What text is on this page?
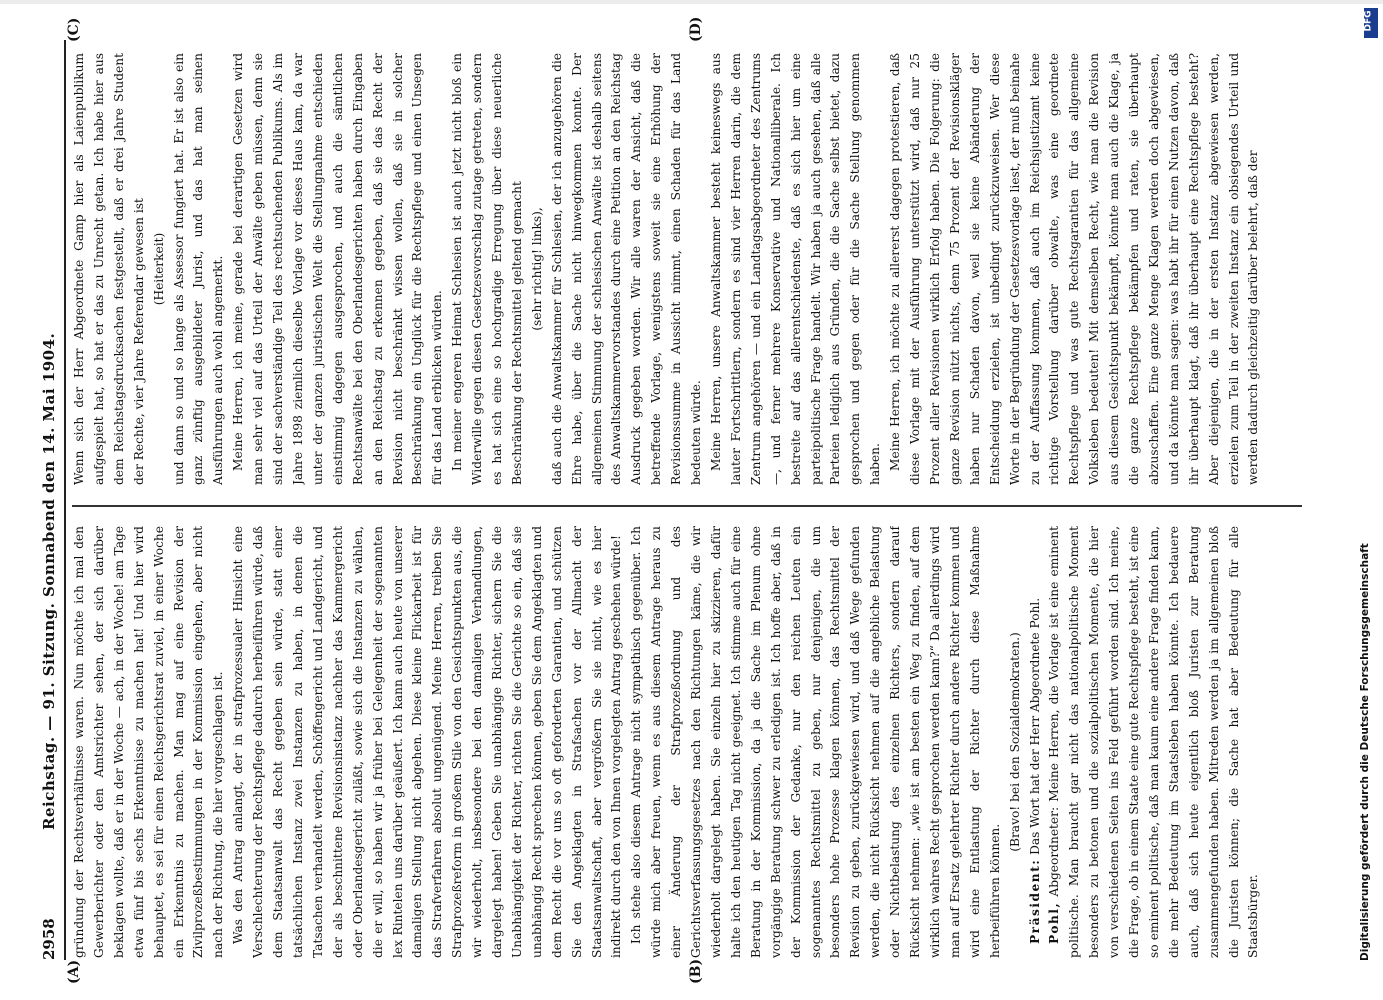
2958
Reichstag. — 91. Sitzung. Sonnabend den 14. Mai 1904.
(A)	(B)
(C)	(D)

gründung der Rechtsverhältnisse waren. Nun möchte ich mal den Gewerberichter oder den Amtsrichter sehen, der sich darüber beklagen wollte, daß er in der Woche — ach, in der Woche! am Tage etwa fünf bis sechs Erkenntnisse zu machen hat! Und hier wird behauptet, es sei für einen Reichsgerichtsrat zuviel, in einer Woche ein Erkenntnis zu machen. Man mag auf eine Revision der Zivilprozeßbestimmungen in der Kommission eingehen, aber nicht nach der Richtung, die hier vorgeschlagen ist. Was den Antrag anlangt, der in strafprozessualer Hinsicht eine Verschlechterung der Rechtspflege dadurch herbeiführen würde, daß dem Staatsanwalt das Recht gegeben sein würde, statt einer tatsächlichen Instanz zwei Instanzen zu haben, in denen die Tatsachen verhandelt werden, Schöffengericht und Landgericht, und der als beschnittene Revisionsinstanz nachher das Kammergericht oder Oberlandesgericht zuläßt, sowie sich die Instanzen zu wählen, die er will, so haben wir ja früher bei Gelegenheit der sogenannten lex Rintelen uns darüber geäußert. Ich kann auch heute von unserer damaligen Stellung nicht abgehen. Diese kleine Flickarbeit ist für das Strafverfahren absolut ungenügend. Meine Herren, treiben Sie Strafprozeßreform in großem Stile von den Gesichtspunkten aus, die wir wiederholt, insbesondere bei den damaligen Verhandlungen, dargelegt haben! Geben Sie unabhängige Richter, sichern Sie die Unabhängigkeit der Richter, richten Sie die Gerichte so ein, daß sie unabhängig Recht sprechen können, geben Sie dem Angeklagten und dem Recht die vor uns so oft geforderten Garantien, und schützen Sie den Angeklagten in Strafsachen vor der Allmacht der Staatsanwaltschaft, aber vergrößern Sie sie nicht, wie es hier indirekt durch den von Ihnen vorgelegten Antrag geschehen würde! Ich stehe also diesem Antrage nicht sympathisch gegenüber. Ich würde mich aber freuen, wenn es aus diesem Antrage heraus zu einer Änderung der Strafprozeßordnung und des Gerichtsverfassungsgesetzes nach den Richtungen käme, die wir wiederholt dargelegt haben. Sie einzeln hier zu skizzieren, dafür halte ich den heutigen Tag nicht geeignet. Ich stimme auch für eine Beratung in der Kommission, da ja die Sache im Plenum ohne vorgängige Beratung schwer zu erledigen ist. Ich hoffe aber, daß in der Kommission der Gedanke, nur den reichen Leuten ein sogenanntes Rechtsmittel zu geben, nur denjenigen, die um besonders hohe Prozesse klagen können, das Rechtsmittel der Revision zu geben, zurückgewiesen wird, und daß Wege gefunden werden, die nicht Rücksicht nehmen auf die angebliche Belastung oder Nichtbelastung des einzelnen Richters, sondern darauf Rücksicht nehmen: „wie ist am besten ein Weg zu finden, auf dem wirklich wahres Recht gesprochen werden kann?“ Da allerdings wird man auf Ersatz gelehrter Richter durch andere Richter kommen und wird eine Entlastung der Richter durch diese Maßnahme herbeiführen können.

(Bravo! bei den Sozialdemokraten.)

Präsident: Das Wort hat der Herr Abgeordnete Pohl.

Pohl, Abgeordneter: Meine Herren, die Vorlage ist eine eminent politische. Man braucht gar nicht das nationalpolitische Moment besonders zu betonen und die sozialpolitischen Momente, die hier von verschiedenen Seiten ins Feld geführt worden sind. Ich meine, die Frage, ob in einem Staate eine gute Rechtspflege besteht, ist eine so eminent politische, daß man kaum eine andere Frage finden kann, die mehr Bedeutung im Staatsleben haben könnte. Ich bedauere auch, daß sich heute eigentlich bloß Juristen zur Beratung zusammengefunden haben. Mitreden werden ja im allgemeinen bloß die Juristen können; die Sache hat aber Bedeutung für alle Staatsbürger.

Wenn sich der Herr Abgeordnete Gamp hier als Laienpublikum aufgespielt hat, so hat er das zu Unrecht getan. Ich habe hier aus dem Reichstagsdrucksachen festgestellt, daß er drei Jahre Student der Rechte, vier Jahre Referendar gewesen ist (Heiterkeit) und dann so und so lange als Assessor fungiert hat. Er ist also ein ganz zünftig ausgebildeter Jurist, und das hat man seinen Ausführungen auch wohl angemerkt. Meine Herren, ich meine, gerade bei derartigen Gesetzen wird man sehr viel auf das Urteil der Anwälte geben müssen, denn sie sind der sachverständige Teil des rechtsuchenden Publikums. Als im Jahre 1898 ziemlich dieselbe Vorlage vor dieses Haus kam, da war unter der ganzen juristischen Welt die Stellungnahme entschieden einstimmig dagegen ausgesprochen, und auch die sämtlichen Rechtsanwälte bei den Oberlandesgerichten haben durch Eingaben an den Reichstag zu erkennen gegeben, daß sie das Recht der Revision nicht beschränkt wissen wollen, daß sie in solcher Beschränkung ein Unglück für die Rechtspflege und einen Unsegen für das Land erblicken würden. In meiner engeren Heimat Schlesien ist auch jetzt nicht bloß ein Widerwille gegen diesen Gesetzesvorschlag zutage getreten, sondern es hat sich eine so hochgradige Erregung über diese neuerliche Beschränkung der Rechtsmittel geltend gemacht (sehr richtig! links), daß auch die Anwaltskammer für Schlesien, der ich anzugehören die Ehre habe, über die Sache nicht hinwegkommen konnte. Der allgemeinen Stimmung der schlesischen Anwälte ist deshalb seitens des Anwaltskammervorstandes durch eine Petition an den Reichstag Ausdruck gegeben worden. Wir alle waren der Ansicht, daß die betreffende Vorlage, wenigstens soweit sie eine Erhöhung der Revisionssumme in Aussicht nimmt, einen Schaden für das Land bedeuten würde. Meine Herren, unsere Anwaltskammer besteht keineswegs aus lauter Fortschrittlern, sondern es sind vier Herren darin, die dem Zentrum angehören — und ein Landtagsabgeordneter des Zentrums —, und ferner mehrere Konservative und Nationalliberale. Ich bestreite auf das allerentschiedenste, daß es sich hier um eine parteipolitische Frage handelt. Wir haben ja auch gesehen, daß alle Parteien lediglich aus Gründen, die die Sache selbst bietet, dazu gesprochen und gegen oder für die Sache Stellung genommen haben. Meine Herren, ich möchte zu allererst dagegen protestieren, daß diese Vorlage mit der Ausführung unterstützt wird, daß nur 25 Prozent aller Revisionen wirklich Erfolg haben. Die Folgerung: die ganze Revision nützt nichts, denn 75 Prozent der Revisionskläger haben nur Schaden davon, weil sie keine Abänderung der Entscheidung erzielen, ist unbedingt zurückzuweisen. Wer diese Worte in der Begründung der Gesetzesvorlage liest, der muß beinahe zu der Auffassung kommen, daß auch im Reichsjustizamt keine richtige Vorstellung darüber obwalte, was eine geordnete Rechtspflege und was gute Rechtsgarantien für das allgemeine Volksleben bedeuten! Mit demselben Recht, wie man die Revision aus diesem Gesichtspunkt bekämpft, könnte man auch die Klage, ja die ganze Rechtspflege bekämpfen und raten, sie überhaupt abzuschaffen. Eine ganze Menge Klagen werden doch abgewiesen, und da könnte man sagen: was habt ihr für einen Nutzen davon, daß ihr überhaupt klagt, daß ihr überhaupt eine Rechtspflege besteht? Aber diejenigen, die in der ersten Instanz abgewiesen werden, erzielen zum Teil in der zweiten Instanz ein obsiegendes Urteil und werden dadurch gleichzeitig darüber belehrt, daß der

DFG
Digitalisierung gefördert durch die Deutsche Forschungsgemeinschaft
